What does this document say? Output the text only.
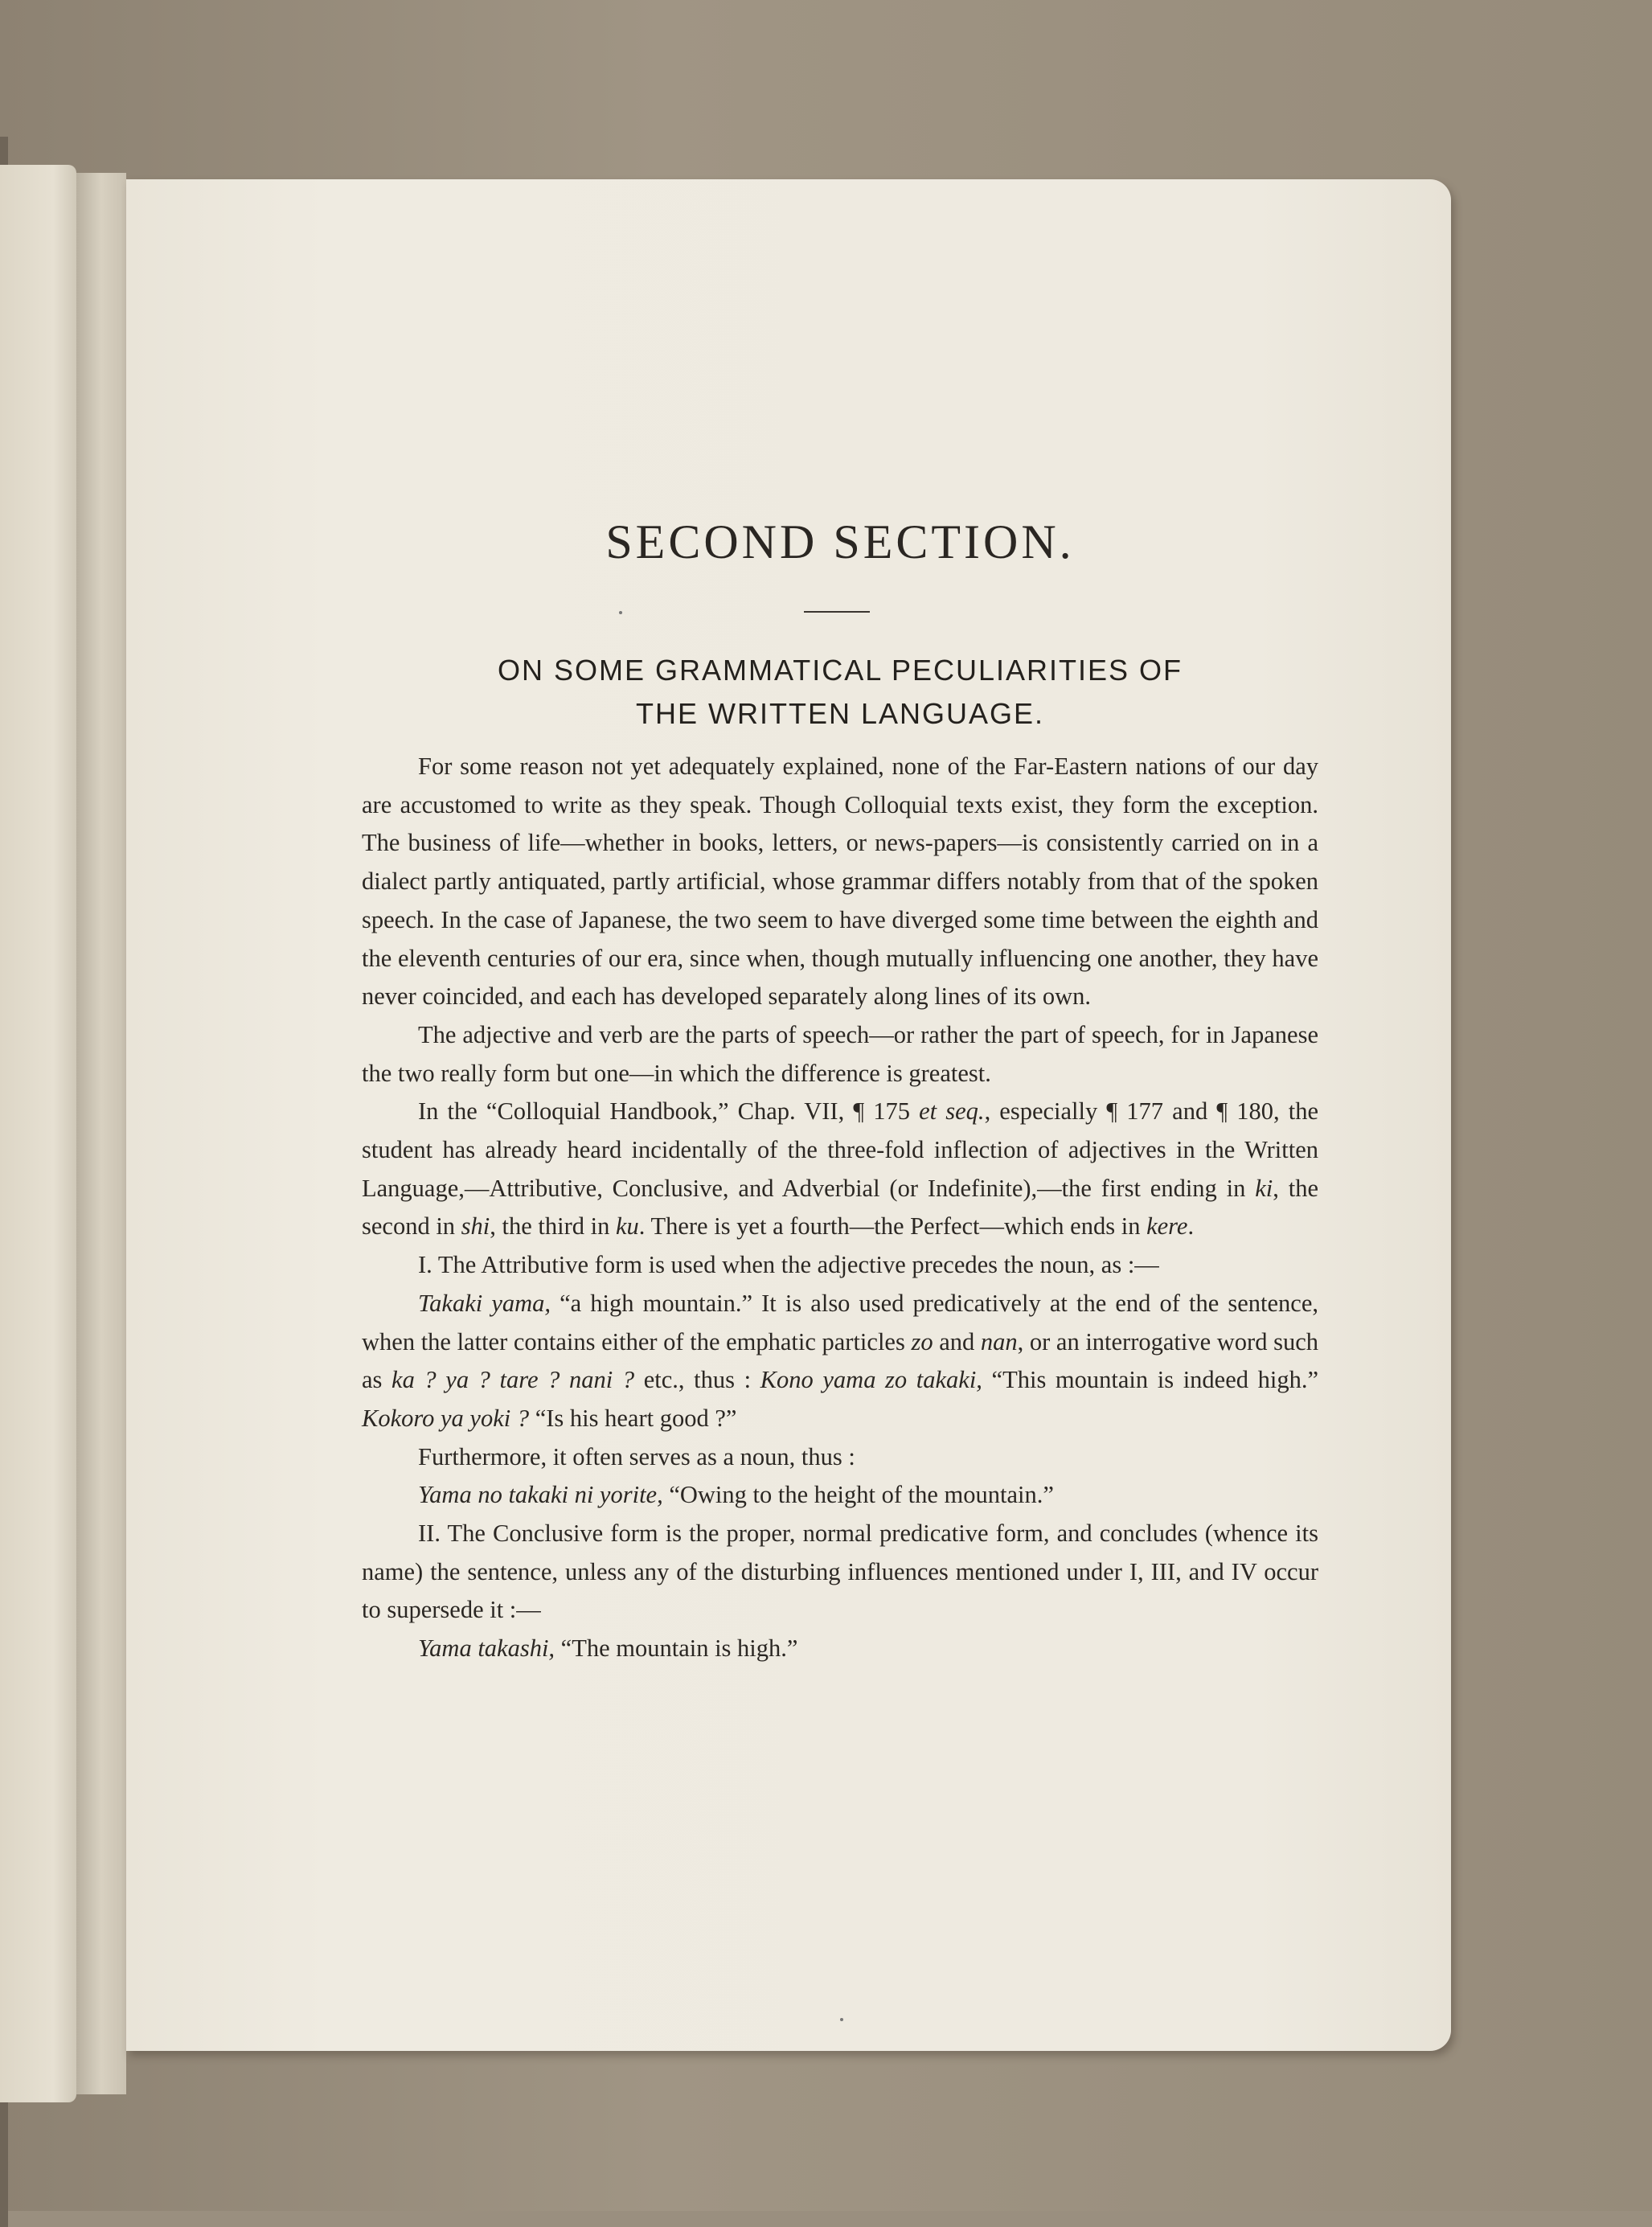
SECOND SECTION.
ON SOME GRAMMATICAL PECULIARITIES OF
THE WRITTEN LANGUAGE.

For some reason not yet adequately explained, none of the Far-Eastern nations of our day are accustomed to write as they speak. Though Colloquial texts exist, they form the exception. The business of life—whether in books, letters, or news-papers—is consistently carried on in a dialect partly antiquated, partly artificial, whose grammar differs notably from that of the spoken speech. In the case of Japanese, the two seem to have diverged some time between the eighth and the eleventh centuries of our era, since when, though mutually influencing one another, they have never coincided, and each has developed separately along lines of its own.

The adjective and verb are the parts of speech—or rather the part of speech, for in Japanese the two really form but one—in which the difference is greatest.

In the “Colloquial Handbook,” Chap. VII, ¶ 175 et seq., especially ¶ 177 and ¶ 180, the student has already heard incidentally of the three-fold inflection of adjectives in the Written Language,—Attributive, Conclusive, and Adverbial (or Indefinite),—the first ending in ki, the second in shi, the third in ku. There is yet a fourth—the Perfect—which ends in kere.

I. The Attributive form is used when the adjective precedes the noun, as :—

Takaki yama, “a high mountain.” It is also used predicatively at the end of the sentence, when the latter contains either of the emphatic particles zo and nan, or an interrogative word such as ka ? ya ? tare ? nani ? etc., thus : Kono yama zo takaki, “This mountain is indeed high.” Kokoro ya yoki ? “Is his heart good ?”

Furthermore, it often serves as a noun, thus :

Yama no takaki ni yorite, “Owing to the height of the mountain.”

II. The Conclusive form is the proper, normal predicative form, and concludes (whence its name) the sentence, unless any of the disturbing influences mentioned under I, III, and IV occur to supersede it :—

Yama takashi, “The mountain is high.”
